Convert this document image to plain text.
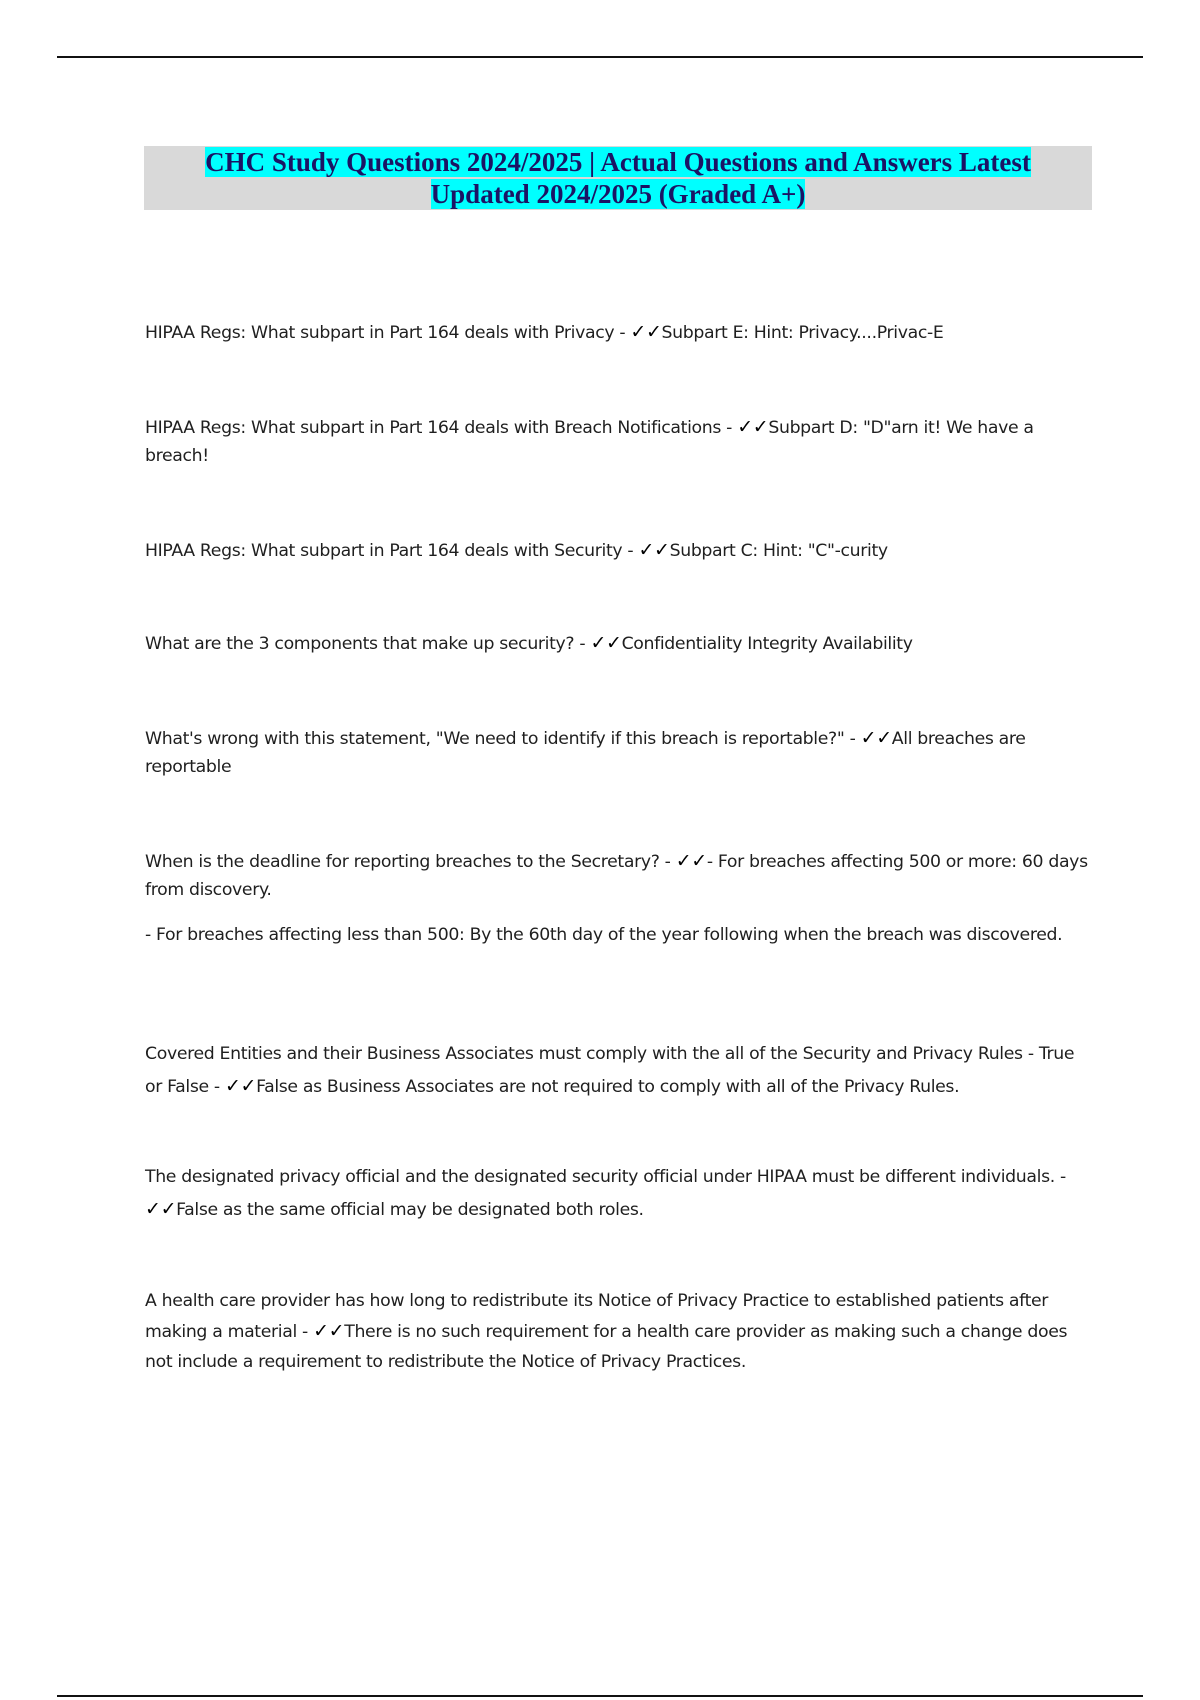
CHC Study Questions 2024/2025 | Actual Questions and Answers Latest
Updated 2024/2025 (Graded A+)

HIPAA Regs: What subpart in Part 164 deals with Privacy - ✓✓Subpart E: Hint: Privacy....Privac-E

HIPAA Regs: What subpart in Part 164 deals with Breach Notifications - ✓✓Subpart D: "D"arn it! We have a breach!

HIPAA Regs: What subpart in Part 164 deals with Security - ✓✓Subpart C: Hint: "C"-curity

What are the 3 components that make up security? - ✓✓Confidentiality Integrity Availability

What's wrong with this statement, "We need to identify if this breach is reportable?" - ✓✓All breaches are reportable

When is the deadline for reporting breaches to the Secretary? - ✓✓- For breaches affecting 500 or more: 60 days from discovery.

- For breaches affecting less than 500: By the 60th day of the year following when the breach was discovered.

Covered Entities and their Business Associates must comply with the all of the Security and Privacy Rules - True or False - ✓✓False as Business Associates are not required to comply with all of the Privacy Rules.

The designated privacy official and the designated security official under HIPAA must be different individuals. - ✓✓False as the same official may be designated both roles.

A health care provider has how long to redistribute its Notice of Privacy Practice to established patients after making a material - ✓✓There is no such requirement for a health care provider as making such a change does not include a requirement to redistribute the Notice of Privacy Practices.
